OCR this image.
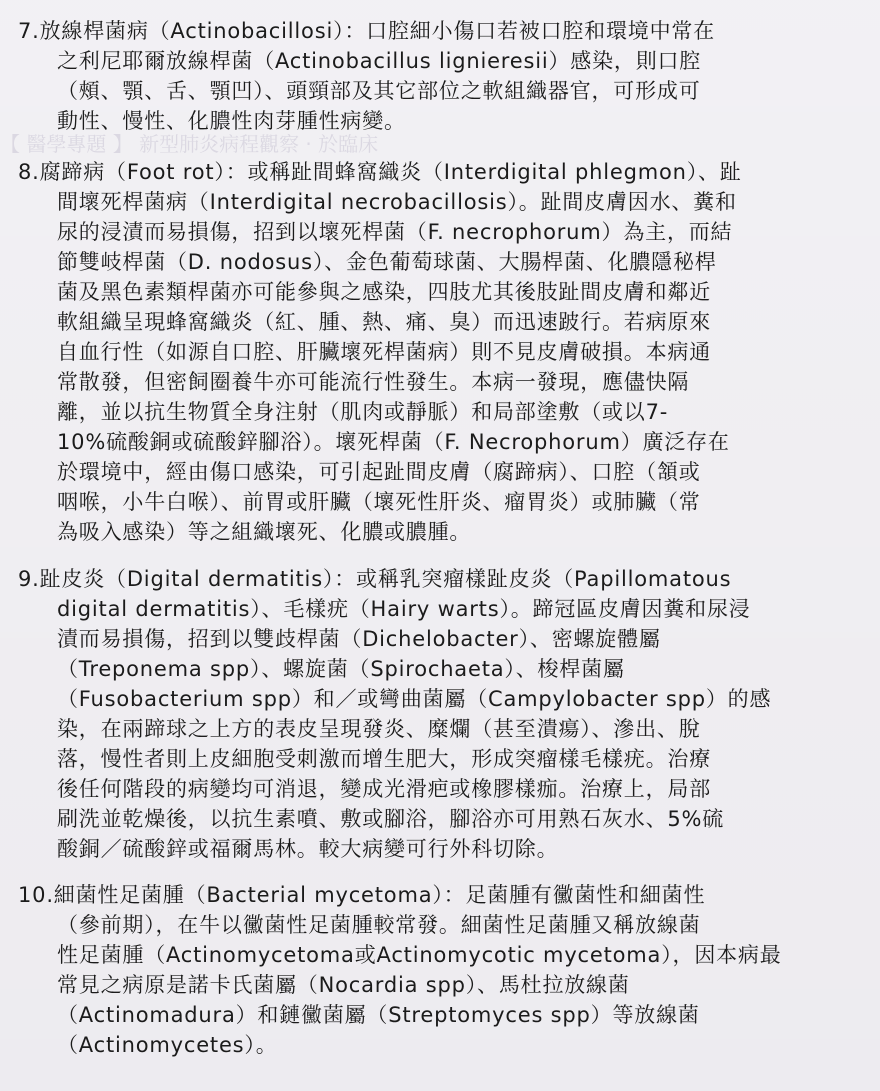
【 醫學專題 】 新型肺炎病程觀察 · 於臨床
7.放線桿菌病（Actinobacillosi）：口腔細小傷口若被口腔和環境中常在
之利尼耶爾放線桿菌（Actinobacillus lignieresii）感染，則口腔
（頰、顎、舌、顎凹）、頭頸部及其它部位之軟組織器官，可形成可
動性、慢性、化膿性肉芽腫性病變。
8.腐蹄病（Foot rot）：或稱趾間蜂窩織炎（Interdigital phlegmon）、趾
間壞死桿菌病（Interdigital necrobacillosis）。趾間皮膚因水、糞和
尿的浸漬而易損傷，招到以壞死桿菌（F. necrophorum）為主，而結
節雙岐桿菌（D. nodosus）、金色葡萄球菌、大腸桿菌、化膿隱秘桿
菌及黑色素類桿菌亦可能參與之感染，四肢尤其後肢趾間皮膚和鄰近
軟組織呈現蜂窩織炎（紅、腫、熱、痛、臭）而迅速跛行。若病原來
自血行性（如源自口腔、肝臟壞死桿菌病）則不見皮膚破損。本病通
常散發，但密飼圈養牛亦可能流行性發生。本病一發現，應儘快隔
離，並以抗生物質全身注射（肌肉或靜脈）和局部塗敷（或以7-
10%硫酸銅或硫酸鋅腳浴）。壞死桿菌（F. Necrophorum）廣泛存在
於環境中，經由傷口感染，可引起趾間皮膚（腐蹄病）、口腔（頷或
咽喉，小牛白喉）、前胃或肝臟（壞死性肝炎、瘤胃炎）或肺臟（常
為吸入感染）等之組織壞死、化膿或膿腫。
9.趾皮炎（Digital dermatitis）：或稱乳突瘤樣趾皮炎（Papillomatous
digital dermatitis）、毛樣疣（Hairy warts）。蹄冠區皮膚因糞和尿浸
漬而易損傷，招到以雙歧桿菌（Dichelobacter）、密螺旋體屬
（Treponema spp）、螺旋菌（Spirochaeta）、梭桿菌屬
（Fusobacterium spp）和／或彎曲菌屬（Campylobacter spp）的感
染，在兩蹄球之上方的表皮呈現發炎、糜爛（甚至潰瘍）、滲出、脫
落，慢性者則上皮細胞受刺激而增生肥大，形成突瘤樣毛樣疣。治療
後任何階段的病變均可消退，變成光滑疤或橡膠樣痂。治療上，局部
刷洗並乾燥後，以抗生素噴、敷或腳浴，腳浴亦可用熟石灰水、5%硫
酸銅／硫酸鋅或福爾馬林。較大病變可行外科切除。
10.細菌性足菌腫（Bacterial mycetoma）：足菌腫有黴菌性和細菌性
（參前期），在牛以黴菌性足菌腫較常發。細菌性足菌腫又稱放線菌
性足菌腫（Actinomycetoma或Actinomycotic mycetoma），因本病最
常見之病原是諾卡氏菌屬（Nocardia spp）、馬杜拉放線菌
（Actinomadura）和鏈黴菌屬（Streptomyces spp）等放線菌
（Actinomycetes）。
